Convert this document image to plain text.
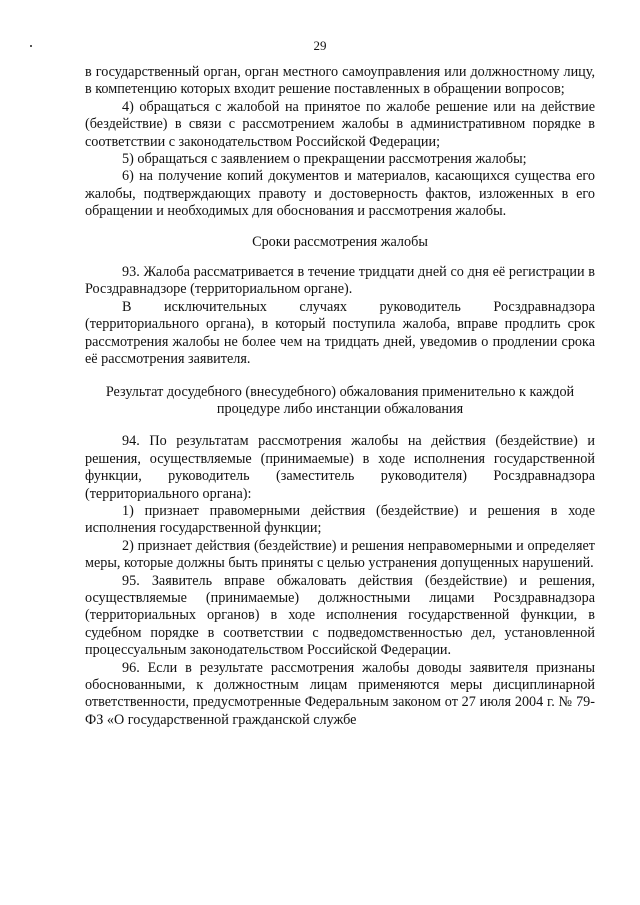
29

в государственный орган, орган местного самоуправления или должностному лицу, в компетенцию которых входит решение поставленных в обращении вопросов;

4) обращаться с жалобой на принятое по жалобе решение или на действие (бездействие) в связи с рассмотрением жалобы в административном порядке в соответствии с законодательством Российской Федерации;

5) обращаться с заявлением о прекращении рассмотрения жалобы;

6) на получение копий документов и материалов, касающихся существа его жалобы, подтверждающих правоту и достоверность фактов, изложенных в его обращении и необходимых для обоснования и рассмотрения жалобы.

Сроки рассмотрения жалобы

93. Жалоба рассматривается в течение тридцати дней со дня её регистрации в Росздравнадзоре (территориальном органе).

В исключительных случаях руководитель Росздравнадзора (территориального органа), в который поступила жалоба, вправе продлить срок рассмотрения жалобы не более чем на тридцать дней, уведомив о продлении срока её рассмотрения заявителя.

Результат досудебного (внесудебного) обжалования применительно к каждой процедуре либо инстанции обжалования

94. По результатам рассмотрения жалобы на действия (бездействие) и решения, осуществляемые (принимаемые) в ходе исполнения государственной функции, руководитель (заместитель руководителя) Росздравнадзора (территориального органа):

1) признает правомерными действия (бездействие) и решения в ходе исполнения государственной функции;

2) признает действия (бездействие) и решения неправомерными и определяет меры, которые должны быть приняты с целью устранения допущенных нарушений.

95. Заявитель вправе обжаловать действия (бездействие) и решения, осуществляемые (принимаемые) должностными лицами Росздравнадзора (территориальных органов) в ходе исполнения государственной функции, в судебном порядке в соответствии с подведомственностью дел, установленной процессуальным законодательством Российской Федерации.

96. Если в результате рассмотрения жалобы доводы заявителя признаны обоснованными, к должностным лицам применяются меры дисциплинарной ответственности, предусмотренные Федеральным законом от 27 июля 2004 г. № 79-ФЗ «О государственной гражданской службе
